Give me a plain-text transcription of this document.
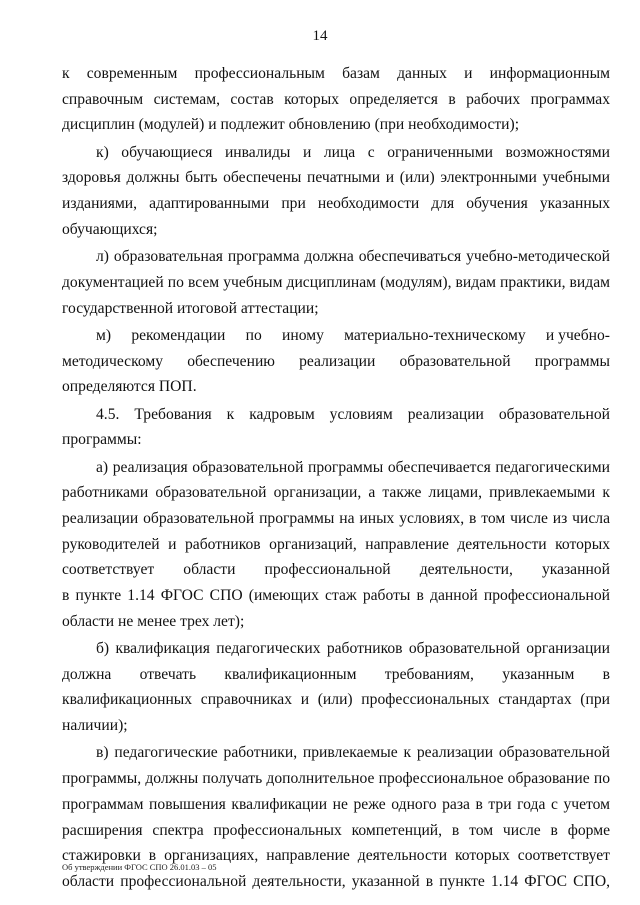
14

к современным профессиональным базам данных и информационным справочным системам, состав которых определяется в рабочих программах дисциплин (модулей) и подлежит обновлению (при необходимости);

к) обучающиеся инвалиды и лица с ограниченными возможностями здоровья должны быть обеспечены печатными и (или) электронными учебными изданиями, адаптированными при необходимости для обучения указанных обучающихся;

л) образовательная программа должна обеспечиваться учебно-методической документацией по всем учебным дисциплинам (модулям), видам практики, видам государственной итоговой аттестации;

м) рекомендации по иному материально-техническому и учебно-

методическому обеспечению реализации образовательной программы определяются ПОП.

4.5. Требования к кадровым условиям реализации образовательной

программы:

а) реализация образовательной программы обеспечивается педагогическими работниками образовательной организации, а также лицами, привлекаемыми к реализации образовательной программы на иных условиях, в том числе из числа руководителей и работников организаций, направление деятельности которых

соответствует области профессиональной деятельности, указанной

в пункте 1.14 ФГОС СПО (имеющих стаж работы в данной профессиональной области не менее трех лет);

б) квалификация педагогических работников образовательной организации должна отвечать квалификационным требованиям, указанным в квалификационных справочниках и (или) профессиональных стандартах (при наличии);

в) педагогические работники, привлекаемые к реализации образовательной программы, должны получать дополнительное профессиональное образование по программам повышения квалификации не реже одного раза в три года с учетом расширения спектра профессиональных компетенций, в том числе в форме стажировки в организациях, направление деятельности которых соответствует области профессиональной деятельности, указанной в пункте 1.14 ФГОС СПО,

Об утверждении ФГОС СПО 26.01.03 – 05
